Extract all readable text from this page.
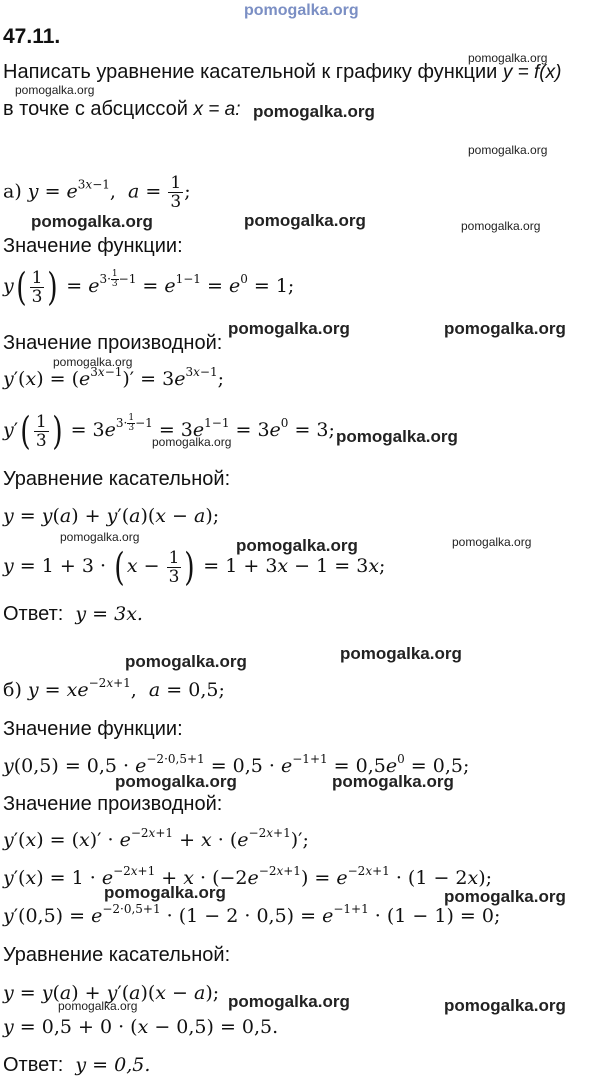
pomogalka.org
47.11.
Написать уравнение касательной к графику функции y = f(x)
в точке с абсциссой x = a:
а) $y = e^{3x-1}$,  $a = \frac{1}{3}$ ;
Значение функции:
$y( \frac{1}{3}$ ) = $e^{3\cdot \frac{1}{3} -1} = e^{1-1} = e^0 = 1$;
Значение производной:
$y'(x) = (e^{3x-1})' = 3e^{3x-1}$;
$y'( \frac{1}{3}$ ) = $3e^{3\cdot \frac{1}{3} -1} = 3e^{1-1} = 3e^0 = 3$;
Уравнение касательной:
y = y(a) + y′(a)(x − a);
y = 1 + 3 · ( $x - \frac{1}{3}$ ) = 1 + 3x − 1 = 3x;
Ответ: y = 3x.
б) $y = xe^{-2x+1}$,  a = 0,5;
Значение функции:
$y(0,5) = 0,5 \cdot e^{-2\cdot 0,5+1} = 0,5 \cdot e^{-1+1} = 0,5e^0 = 0,5$;
Значение производной:
$y'(x) = (x)' \cdot e^{-2x+1} + x \cdot (e^{-2x+1})'$;
$y'(x) = 1 \cdot e^{-2x+1} + x \cdot (-2e^{-2x+1}) = e^{-2x+1} \cdot (1 - 2x)$;
$y'(0,5) = e^{-2\cdot 0,5+1} \cdot (1 - 2 \cdot 0,5) = e^{-1+1} \cdot (1 - 1) = 0$;
Уравнение касательной:
y = y(a) + y′(a)(x − a);
y = 0,5 + 0 · (x − 0,5) = 0,5.
Ответ: y = 0,5.
pomogalka.org
pomogalka.org
pomogalka.org
pomogalka.org
pomogalka.org	pomogalka.org	pomogalka.org
pomogalka.org	pomogalka.org
pomogalka.org
pomogalka.org	pomogalka.org
pomogalka.org	pomogalka.org	pomogalka.org
pomogalka.org	pomogalka.org
pomogalka.org	pomogalka.org
pomogalka.org	pomogalka.org
pomogalka.org	pomogalka.org	pomogalka.org
